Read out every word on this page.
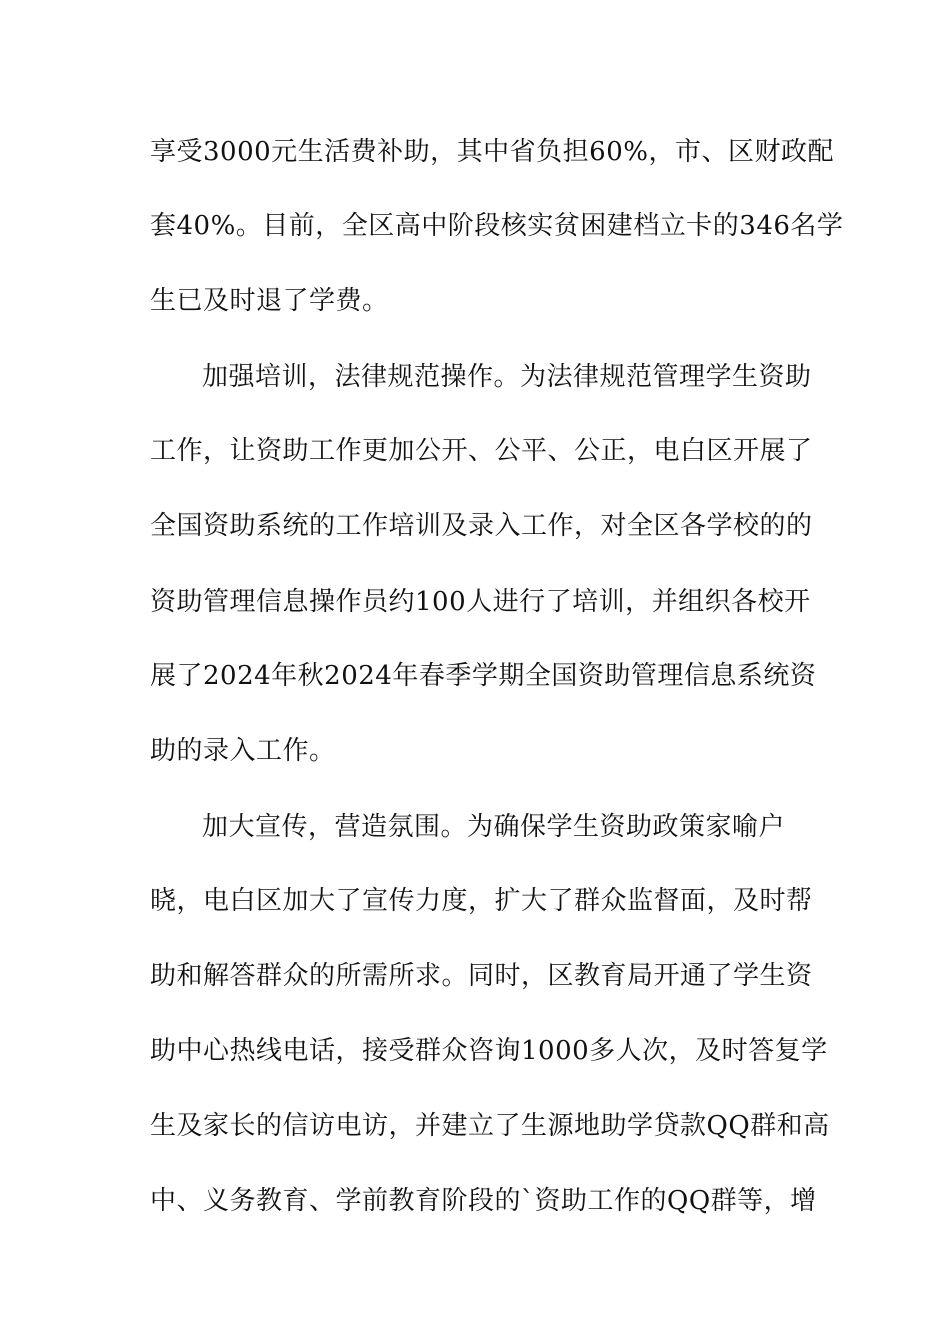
享受3000元生活费补助，其中省负担60%，市、区财政配
套40%。目前，全区高中阶段核实贫困建档立卡的346名学
生已及时退了学费。
加强培训，法律规范操作。为法律规范管理学生资助
工作，让资助工作更加公开、公平、公正，电白区开展了
全国资助系统的工作培训及录入工作，对全区各学校的的
资助管理信息操作员约100人进行了培训，并组织各校开
展了2024年秋2024年春季学期全国资助管理信息系统资
助的录入工作。
加大宣传，营造氛围。为确保学生资助政策家喻户
晓，电白区加大了宣传力度，扩大了群众监督面，及时帮
助和解答群众的所需所求。同时，区教育局开通了学生资
助中心热线电话，接受群众咨询1000多人次，及时答复学
生及家长的信访电访，并建立了生源地助学贷款QQ群和高
中、义务教育、学前教育阶段的`资助工作的QQ群等，增
